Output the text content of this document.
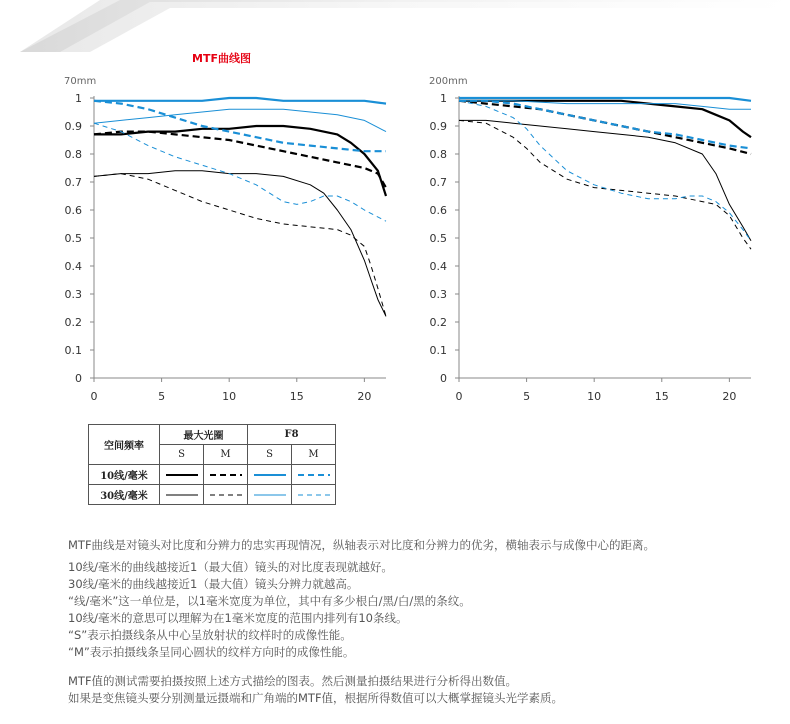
MTF曲线图
70mm
0
0.1
0.2
0.3
0.4
0.5
0.6
0.7
0.8
0.9
1
0	5	10	15	20
200mm
0
0.1
0.2
0.3
0.4
0.5
0.6
0.7
0.8
0.9
1
0	5	10	15	20
空间频率	最大光圈		F8	
	S	M	S	M
10线/毫米	

30线/毫米	

MTF曲线是对镜头对比度和分辨力的忠实再现情况，纵轴表示对比度和分辨力的优劣，横轴表示与成像中心的距离。
10线/毫米的曲线越接近1（最大值）镜头的对比度表现就越好。
30线/毫米的曲线越接近1（最大值）镜头分辨力就越高。
“线/毫米”这一单位是，以1毫米宽度为单位，其中有多少根白/黑/白/黑的条纹。
10线/毫米的意思可以理解为在1毫米宽度的范围内排列有10条线。
“S”表示拍摄线条从中心呈放射状的纹样时的成像性能。
“M”表示拍摄线条呈同心圆状的纹样方向时的成像性能。
MTF值的测试需要拍摄按照上述方式描绘的图表。然后测量拍摄结果进行分析得出数值。
如果是变焦镜头要分别测量远摄端和广角端的MTF值，根据所得数值可以大概掌握镜头光学素质。
